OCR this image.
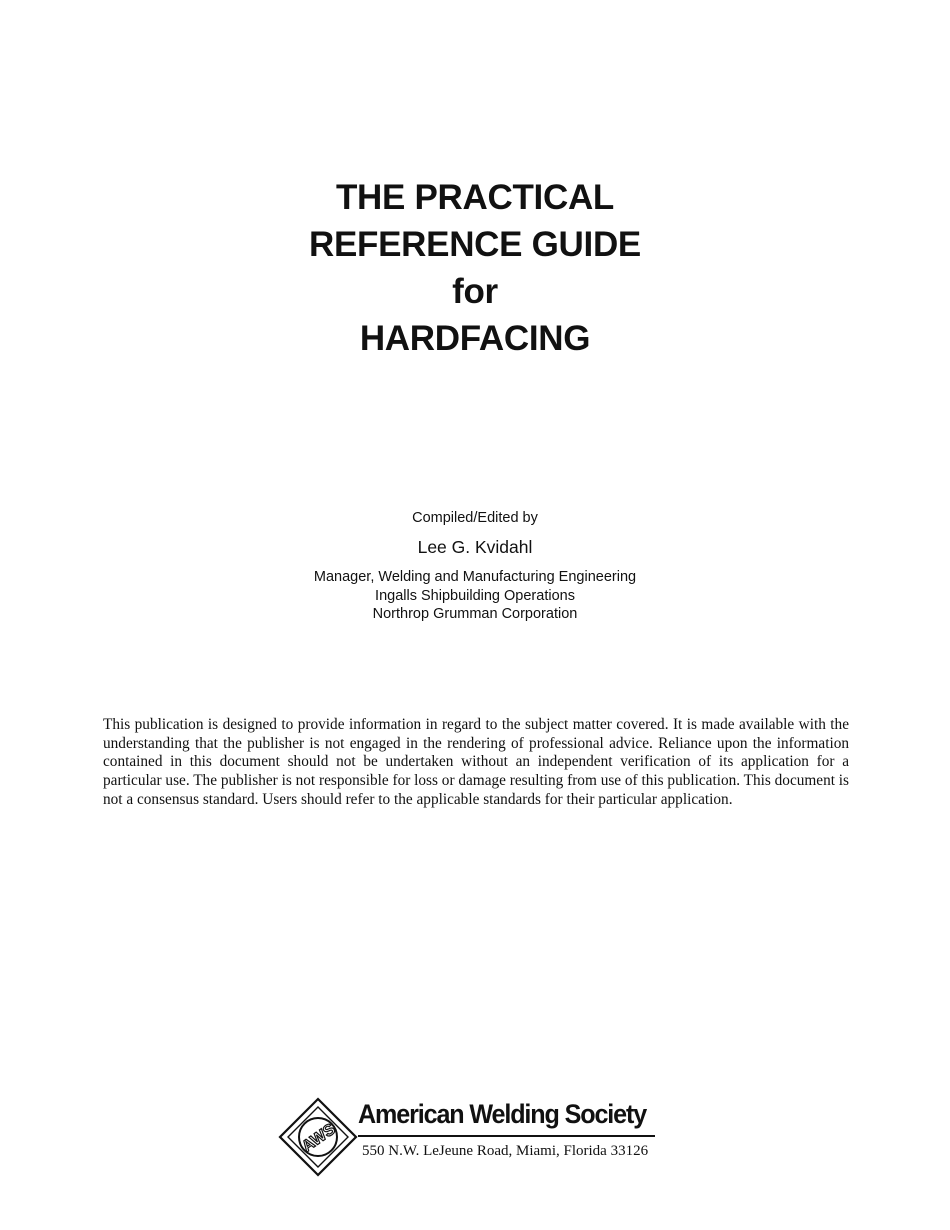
THE PRACTICAL
REFERENCE GUIDE
for
HARDFACING
Compiled/Edited by
Lee G. Kvidahl
Manager, Welding and Manufacturing Engineering
Ingalls Shipbuilding Operations
Northrop Grumman Corporation

This publication is designed to provide information in regard to the subject matter covered. It is made available with the understanding that the publisher is not engaged in the rendering of professional advice. Reliance upon the information contained in this document should not be undertaken without an independent verification of its application for a particular use. The publisher is not responsible for loss or damage resulting from use of this publication. This document is not a consensus standard. Users should refer to the applicable standards for their particular application.

AWS
American Welding Society
550 N.W. LeJeune Road, Miami, Florida 33126
